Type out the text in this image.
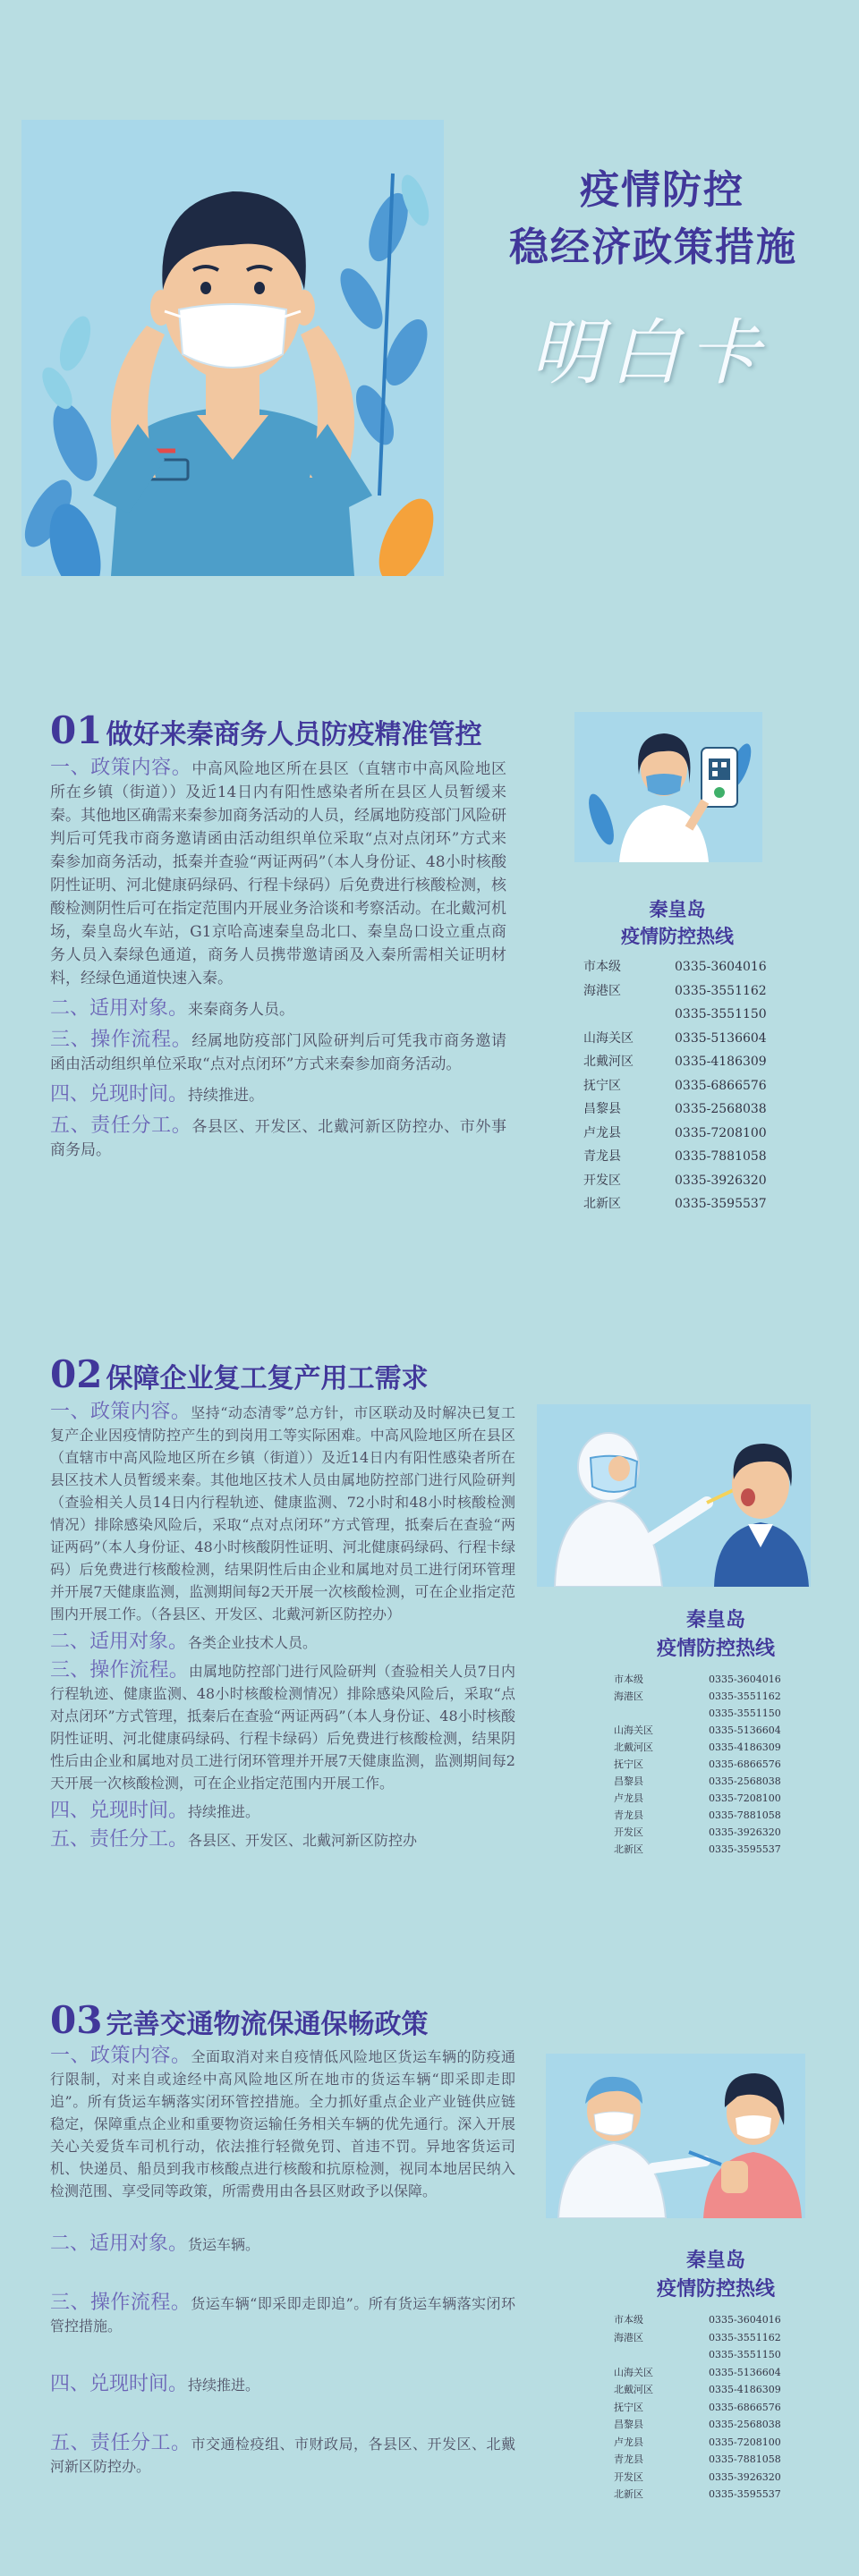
疫情防控
稳经济政策措施
明白卡
01 做好来秦商务人员防疫精准管控
一、政策内容。中高风险地区所在县区（直辖市中高风险地区所在乡镇（街道））及近14日内有阳性感染者所在县区人员暂缓来秦。其他地区确需来秦参加商务活动的人员，经属地防疫部门风险研判后可凭我市商务邀请函由活动组织单位采取“点对点闭环”方式来秦参加商务活动，抵秦并查验“两证两码”（本人身份证、48小时核酸阴性证明、河北健康码绿码、行程卡绿码）后免费进行核酸检测，核酸检测阴性后可在指定范围内开展业务洽谈和考察活动。在北戴河机场，秦皇岛火车站，G1京哈高速秦皇岛北口、秦皇岛口设立重点商务人员入秦绿色通道，商务人员携带邀请函及入秦所需相关证明材料，经绿色通道快速入秦。
二、适用对象。来秦商务人员。
三、操作流程。经属地防疫部门风险研判后可凭我市商务邀请函由活动组织单位采取“点对点闭环”方式来秦参加商务活动。
四、兑现时间。持续推进。
五、责任分工。各县区、开发区、北戴河新区防控办、市外事商务局。
秦皇岛
疫情防控热线
市本级	0335-3604016
海港区	0335-3551162
0335-3551150
山海关区	0335-5136604
北戴河区	0335-4186309
抚宁区	0335-6866576
昌黎县	0335-2568038
卢龙县	0335-7208100
青龙县	0335-7881058
开发区	0335-3926320
北新区	0335-3595537
02 保障企业复工复产用工需求
一、政策内容。坚持“动态清零”总方针，市区联动及时解决已复工复产企业因疫情防控产生的到岗用工等实际困难。中高风险地区所在县区（直辖市中高风险地区所在乡镇（街道））及近14日内有阳性感染者所在县区技术人员暂缓来秦。其他地区技术人员由属地防控部门进行风险研判（查验相关人员14日内行程轨迹、健康监测、72小时和48小时核酸检测情况）排除感染风险后，采取“点对点闭环”方式管理，抵秦后在查验“两证两码”（本人身份证、48小时核酸阴性证明、河北健康码绿码、行程卡绿码）后免费进行核酸检测，结果阴性后由企业和属地对员工进行闭环管理并开展7天健康监测，监测期间每2天开展一次核酸检测，可在企业指定范围内开展工作。（各县区、开发区、北戴河新区防控办）
二、适用对象。各类企业技术人员。
三、操作流程。由属地防控部门进行风险研判（查验相关人员7日内行程轨迹、健康监测、48小时核酸检测情况）排除感染风险后，采取“点对点闭环”方式管理，抵秦后在查验“两证两码”（本人身份证、48小时核酸阴性证明、河北健康码绿码、行程卡绿码）后免费进行核酸检测，结果阴性后由企业和属地对员工进行闭环管理并开展7天健康监测，监测期间每2天开展一次核酸检测，可在企业指定范围内开展工作。
四、兑现时间。持续推进。
五、责任分工。各县区、开发区、北戴河新区防控办
秦皇岛
疫情防控热线
市本级	0335-3604016
海港区	0335-3551162
0335-3551150
山海关区	0335-5136604
北戴河区	0335-4186309
抚宁区	0335-6866576
昌黎县	0335-2568038
卢龙县	0335-7208100
青龙县	0335-7881058
开发区	0335-3926320
北新区	0335-3595537
03 完善交通物流保通保畅政策
一、政策内容。全面取消对来自疫情低风险地区货运车辆的防疫通行限制，对来自或途经中高风险地区所在地市的货运车辆“即采即走即追”。所有货运车辆落实闭环管控措施。全力抓好重点企业产业链供应链稳定，保障重点企业和重要物资运输任务相关车辆的优先通行。深入开展关心关爱货车司机行动，依法推行轻微免罚、首违不罚。异地客货运司机、快递员、船员到我市核酸点进行核酸和抗原检测，视同本地居民纳入检测范围、享受同等政策，所需费用由各县区财政予以保障。
二、适用对象。货运车辆。
三、操作流程。货运车辆“即采即走即追”。所有货运车辆落实闭环管控措施。
四、兑现时间。持续推进。
五、责任分工。市交通检疫组、市财政局，各县区、开发区、北戴河新区防控办。
秦皇岛
疫情防控热线
市本级	0335-3604016
海港区	0335-3551162
0335-3551150
山海关区	0335-5136604
北戴河区	0335-4186309
抚宁区	0335-6866576
昌黎县	0335-2568038
卢龙县	0335-7208100
青龙县	0335-7881058
开发区	0335-3926320
北新区	0335-3595537
